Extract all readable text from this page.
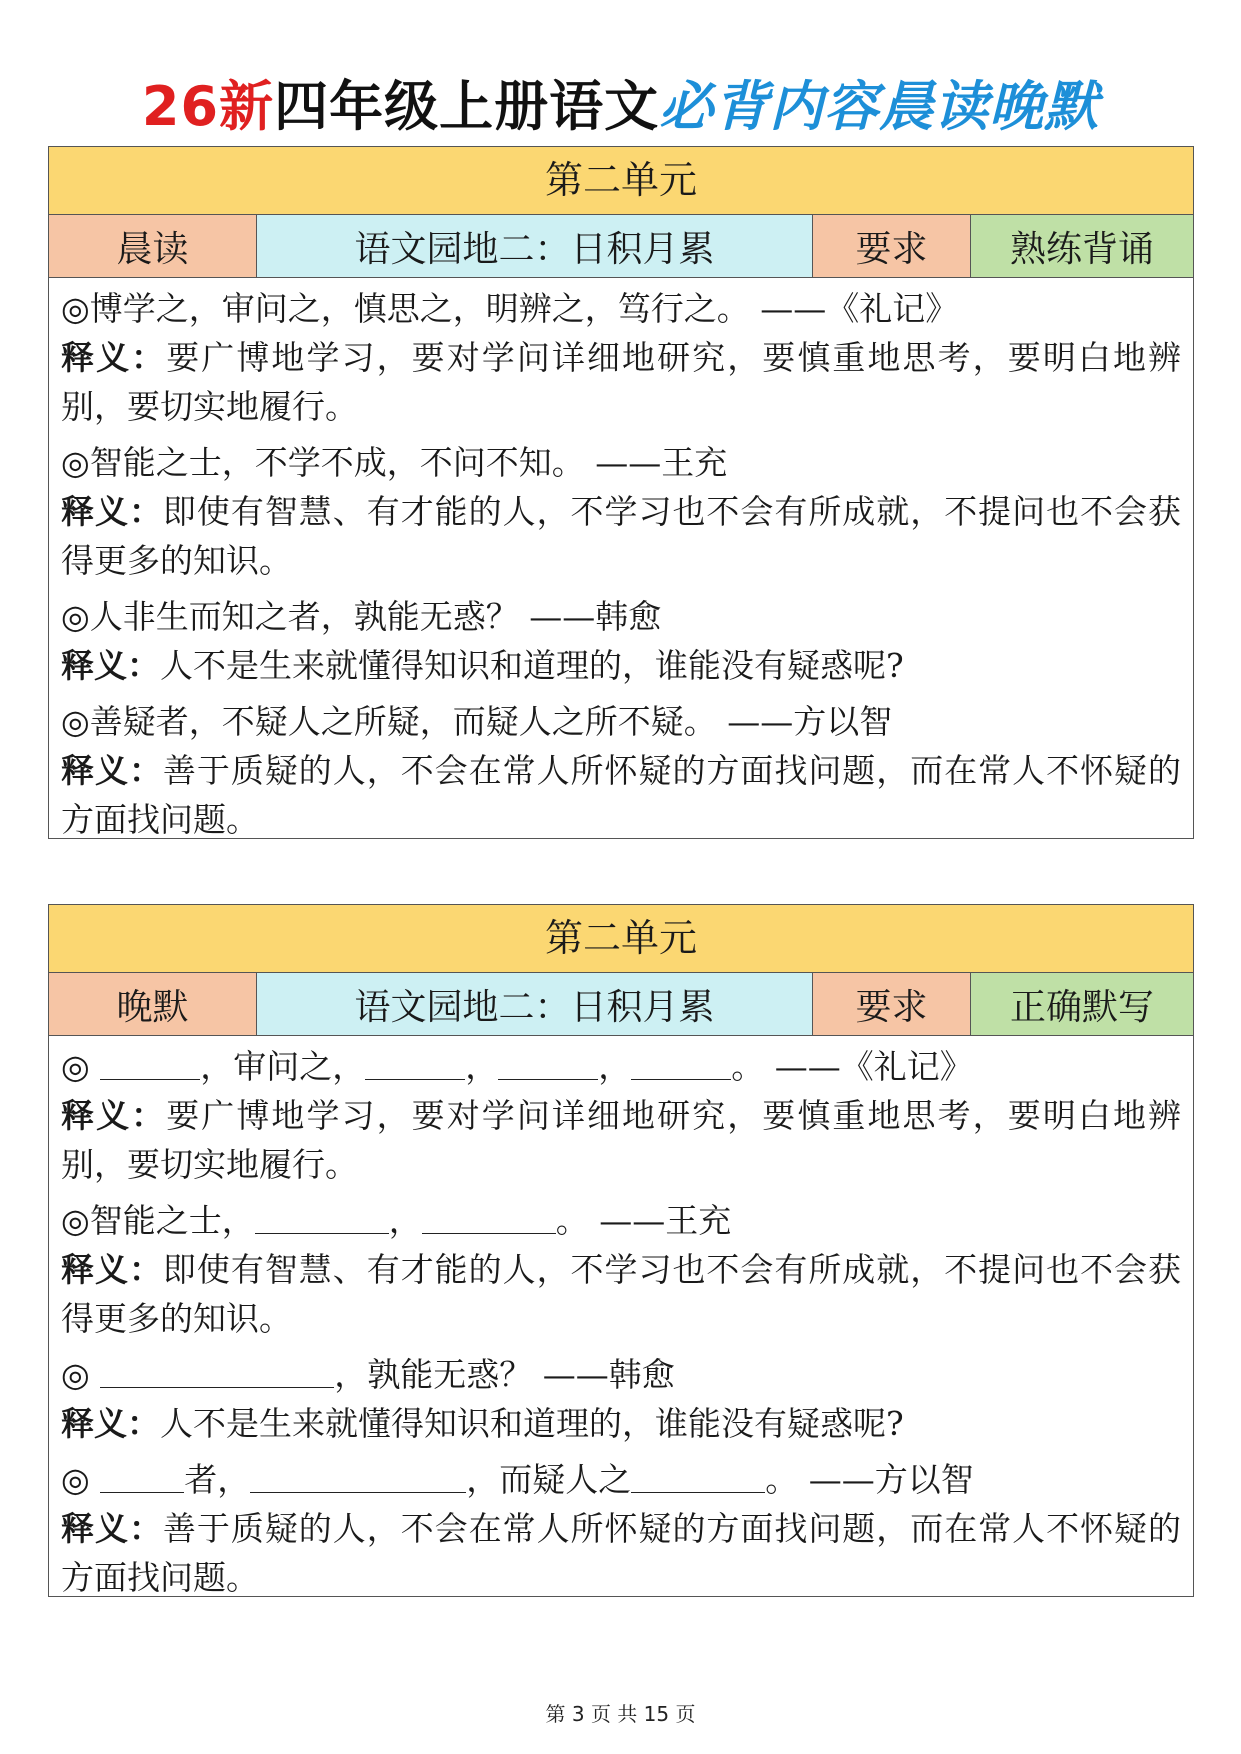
26新四年级上册语文必背内容晨读晚默
第二单元
晨读	语文园地二：日积月累	要求	熟练背诵
◎博学之，审问之，慎思之，明辨之，笃行之。 ——《礼记》
释义：要广博地学习，要对学问详细地研究，要慎重地思考，要明白地辨别，要切实地履行。
◎智能之士，不学不成，不问不知。 ——王充
释义：即使有智慧、有才能的人，不学习也不会有所成就，不提问也不会获得更多的知识。
◎人非生而知之者，孰能无惑？ ——韩愈
释义：人不是生来就懂得知识和道理的，谁能没有疑惑呢?
◎善疑者，不疑人之所疑，而疑人之所不疑。 ——方以智
释义：善于质疑的人，不会在常人所怀疑的方面找问题，而在常人不怀疑的方面找问题。
第二单元
晚默	语文园地二：日积月累	要求	正确默写
◎	，审问之，	，	，	。 ——《礼记》
释义：要广博地学习，要对学问详细地研究，要慎重地思考，要明白地辨别，要切实地履行。
◎智能之士，	，	。 ——王充
释义：即使有智慧、有才能的人，不学习也不会有所成就，不提问也不会获得更多的知识。
◎	，孰能无惑？ ——韩愈
释义：人不是生来就懂得知识和道理的，谁能没有疑惑呢?
◎	者，	，而疑人之	。 ——方以智
释义：善于质疑的人，不会在常人所怀疑的方面找问题，而在常人不怀疑的方面找问题。
第 3 页 共 15 页
